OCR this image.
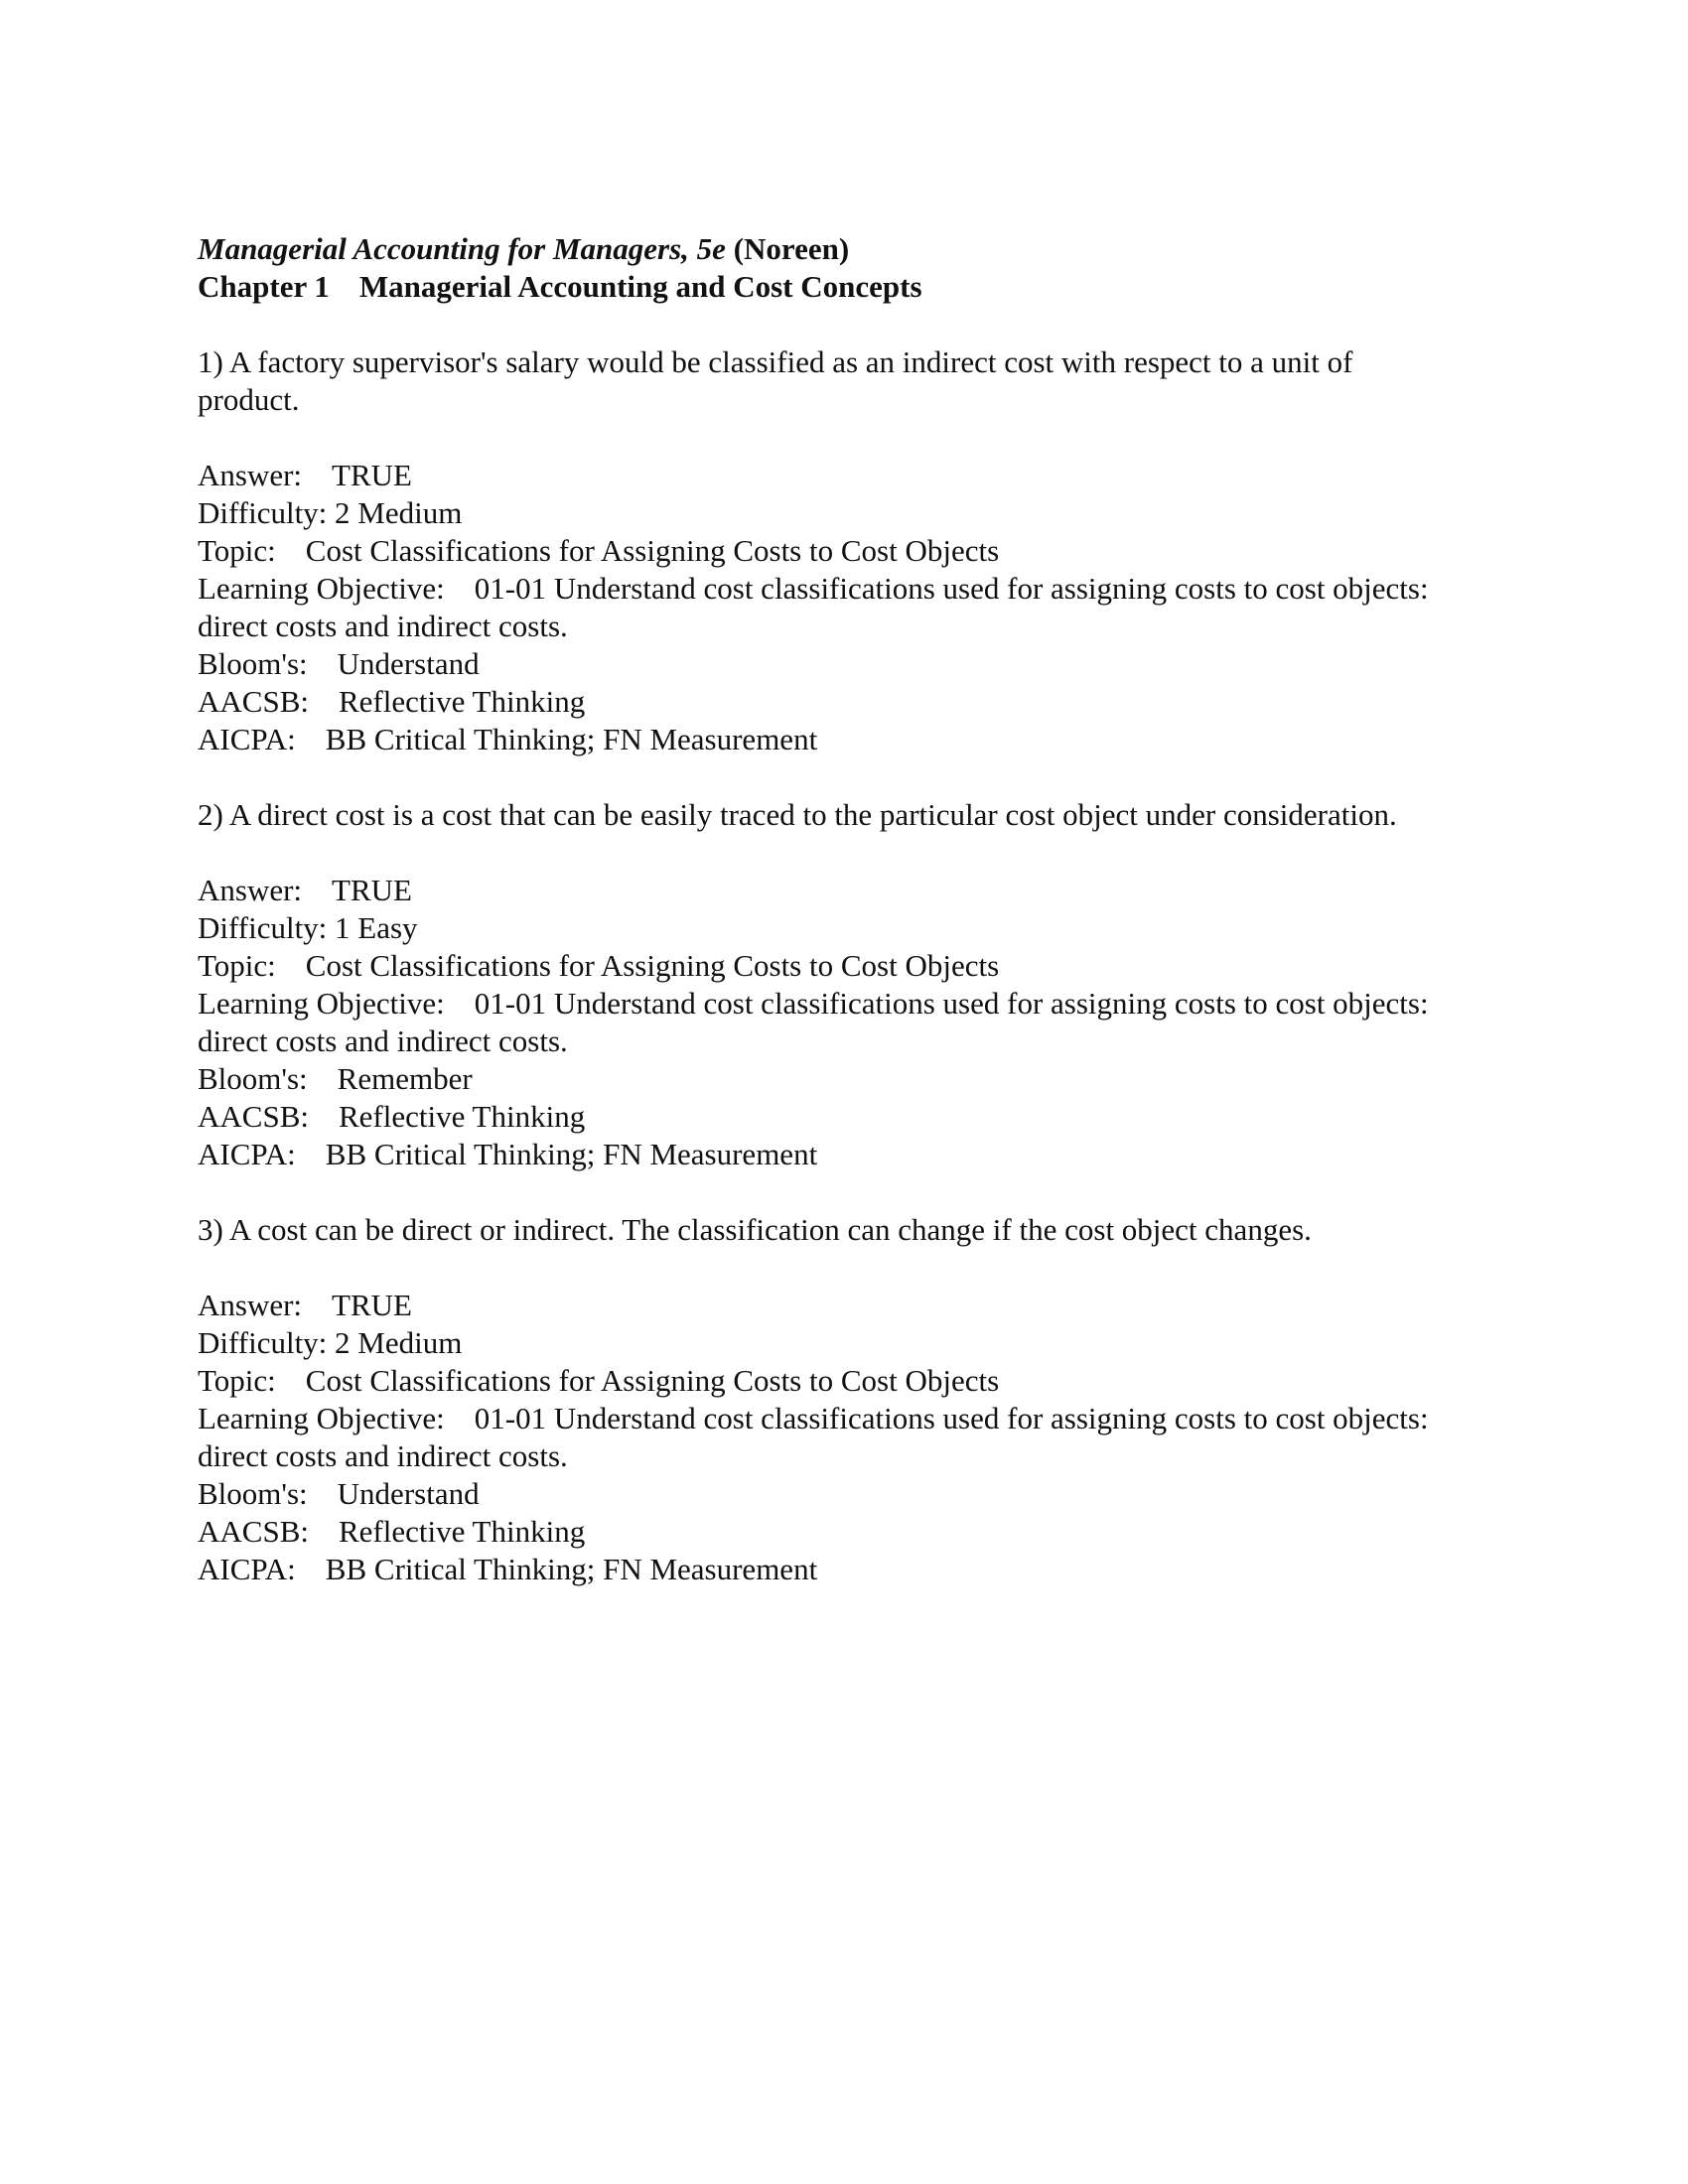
Managerial Accounting for Managers, 5e (Noreen)
Chapter 1 Managerial Accounting and Cost Concepts
1) A factory supervisor's salary would be classified as an indirect cost with respect to a unit of product.
Answer: TRUE
Difficulty: 2 Medium
Topic: Cost Classifications for Assigning Costs to Cost Objects
Learning Objective: 01-01 Understand cost classifications used for assigning costs to cost objects: direct costs and indirect costs.
Bloom's: Understand
AACSB: Reflective Thinking
AICPA: BB Critical Thinking; FN Measurement
2) A direct cost is a cost that can be easily traced to the particular cost object under consideration.
Answer: TRUE
Difficulty: 1 Easy
Topic: Cost Classifications for Assigning Costs to Cost Objects
Learning Objective: 01-01 Understand cost classifications used for assigning costs to cost objects: direct costs and indirect costs.
Bloom's: Remember
AACSB: Reflective Thinking
AICPA: BB Critical Thinking; FN Measurement
3) A cost can be direct or indirect. The classification can change if the cost object changes.
Answer: TRUE
Difficulty: 2 Medium
Topic: Cost Classifications for Assigning Costs to Cost Objects
Learning Objective: 01-01 Understand cost classifications used for assigning costs to cost objects: direct costs and indirect costs.
Bloom's: Understand
AACSB: Reflective Thinking
AICPA: BB Critical Thinking; FN Measurement
